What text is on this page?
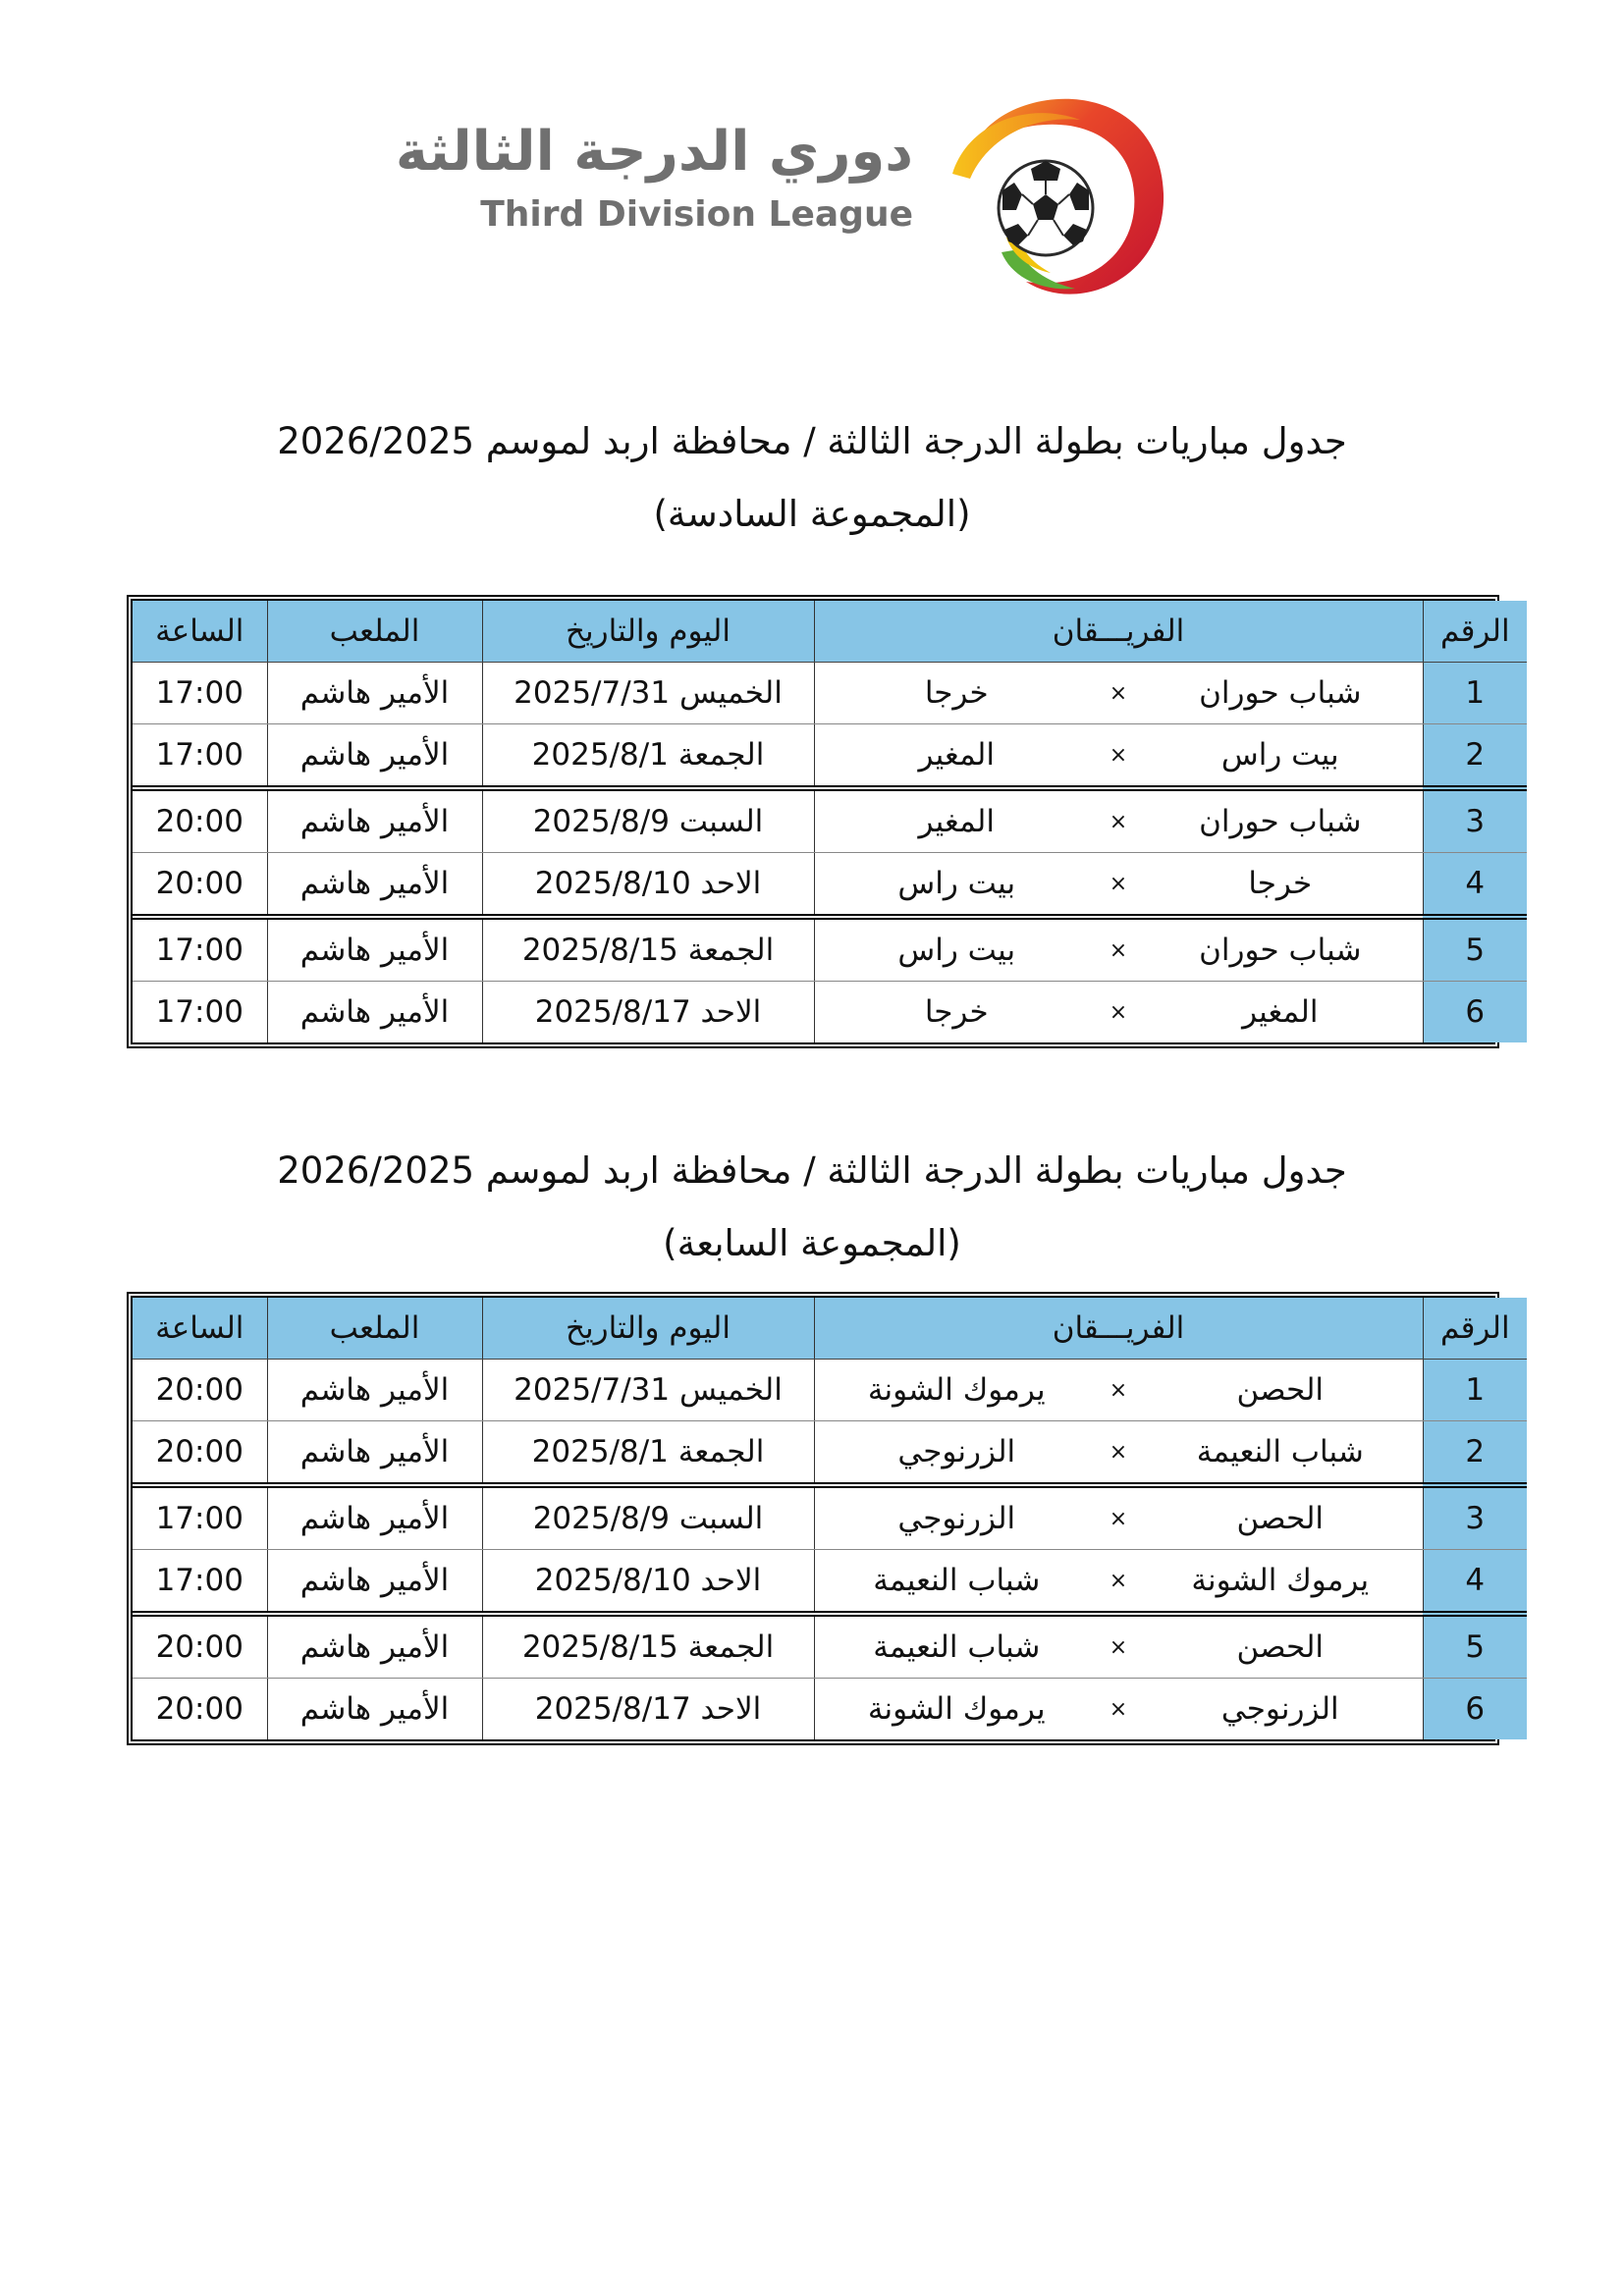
دوري الدرجة الثالثة
Third Division League
جدول مباريات بطولة الدرجة الثالثة / محافظة اربد لموسم 2026/2025
(المجموعة السادسة)
الرقم	الفريـــقان			اليوم والتاريخ	الملعب	الساعة
1	شباب حوران	×	خرجا	الخميس 2025/7/31	الأمير هاشم	17:00
2	بيت راس	×	المغير	الجمعة 2025/8/1	الأمير هاشم	17:00
3	شباب حوران	×	المغير	السبت 2025/8/9	الأمير هاشم	20:00
4	خرجا	×	بيت راس	الاحد 2025/8/10	الأمير هاشم	20:00
5	شباب حوران	×	بيت راس	الجمعة 2025/8/15	الأمير هاشم	17:00
6	المغير	×	خرجا	الاحد 2025/8/17	الأمير هاشم	17:00
جدول مباريات بطولة الدرجة الثالثة / محافظة اربد لموسم 2026/2025
(المجموعة السابعة)
الرقم	الفريـــقان			اليوم والتاريخ	الملعب	الساعة
1	الحصن	×	يرموك الشونة	الخميس 2025/7/31	الأمير هاشم	20:00
2	شباب النعيمة	×	الزرنوجي	الجمعة 2025/8/1	الأمير هاشم	20:00
3	الحصن	×	الزرنوجي	السبت 2025/8/9	الأمير هاشم	17:00
4	يرموك الشونة	×	شباب النعيمة	الاحد 2025/8/10	الأمير هاشم	17:00
5	الحصن	×	شباب النعيمة	الجمعة 2025/8/15	الأمير هاشم	20:00
6	الزرنوجي	×	يرموك الشونة	الاحد 2025/8/17	الأمير هاشم	20:00
